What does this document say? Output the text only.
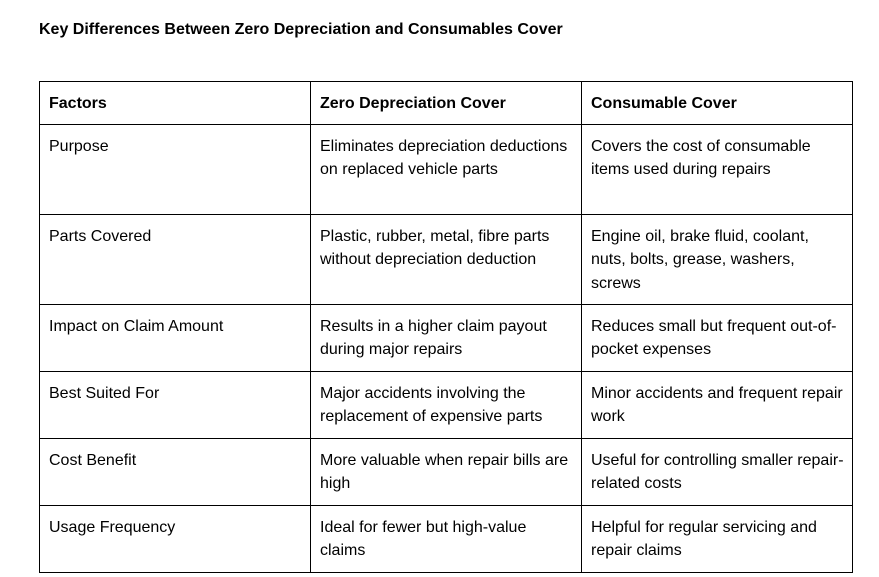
Key Differences Between Zero Depreciation and Consumables Cover
Factors	Zero Depreciation Cover	Consumable Cover
Purpose	Eliminates depreciation deductions on replaced vehicle parts	Covers the cost of consumable items used during repairs
Parts Covered	Plastic, rubber, metal, fibre parts without depreciation deduction	Engine oil, brake fluid, coolant, nuts, bolts, grease, washers, screws
Impact on Claim Amount	Results in a higher claim payout during major repairs	Reduces small but frequent out-of-pocket expenses
Best Suited For	Major accidents involving the replacement of expensive parts	Minor accidents and frequent repair work
Cost Benefit	More valuable when repair bills are high	Useful for controlling smaller repair-related costs
Usage Frequency	Ideal for fewer but high-value claims	Helpful for regular servicing and repair claims
